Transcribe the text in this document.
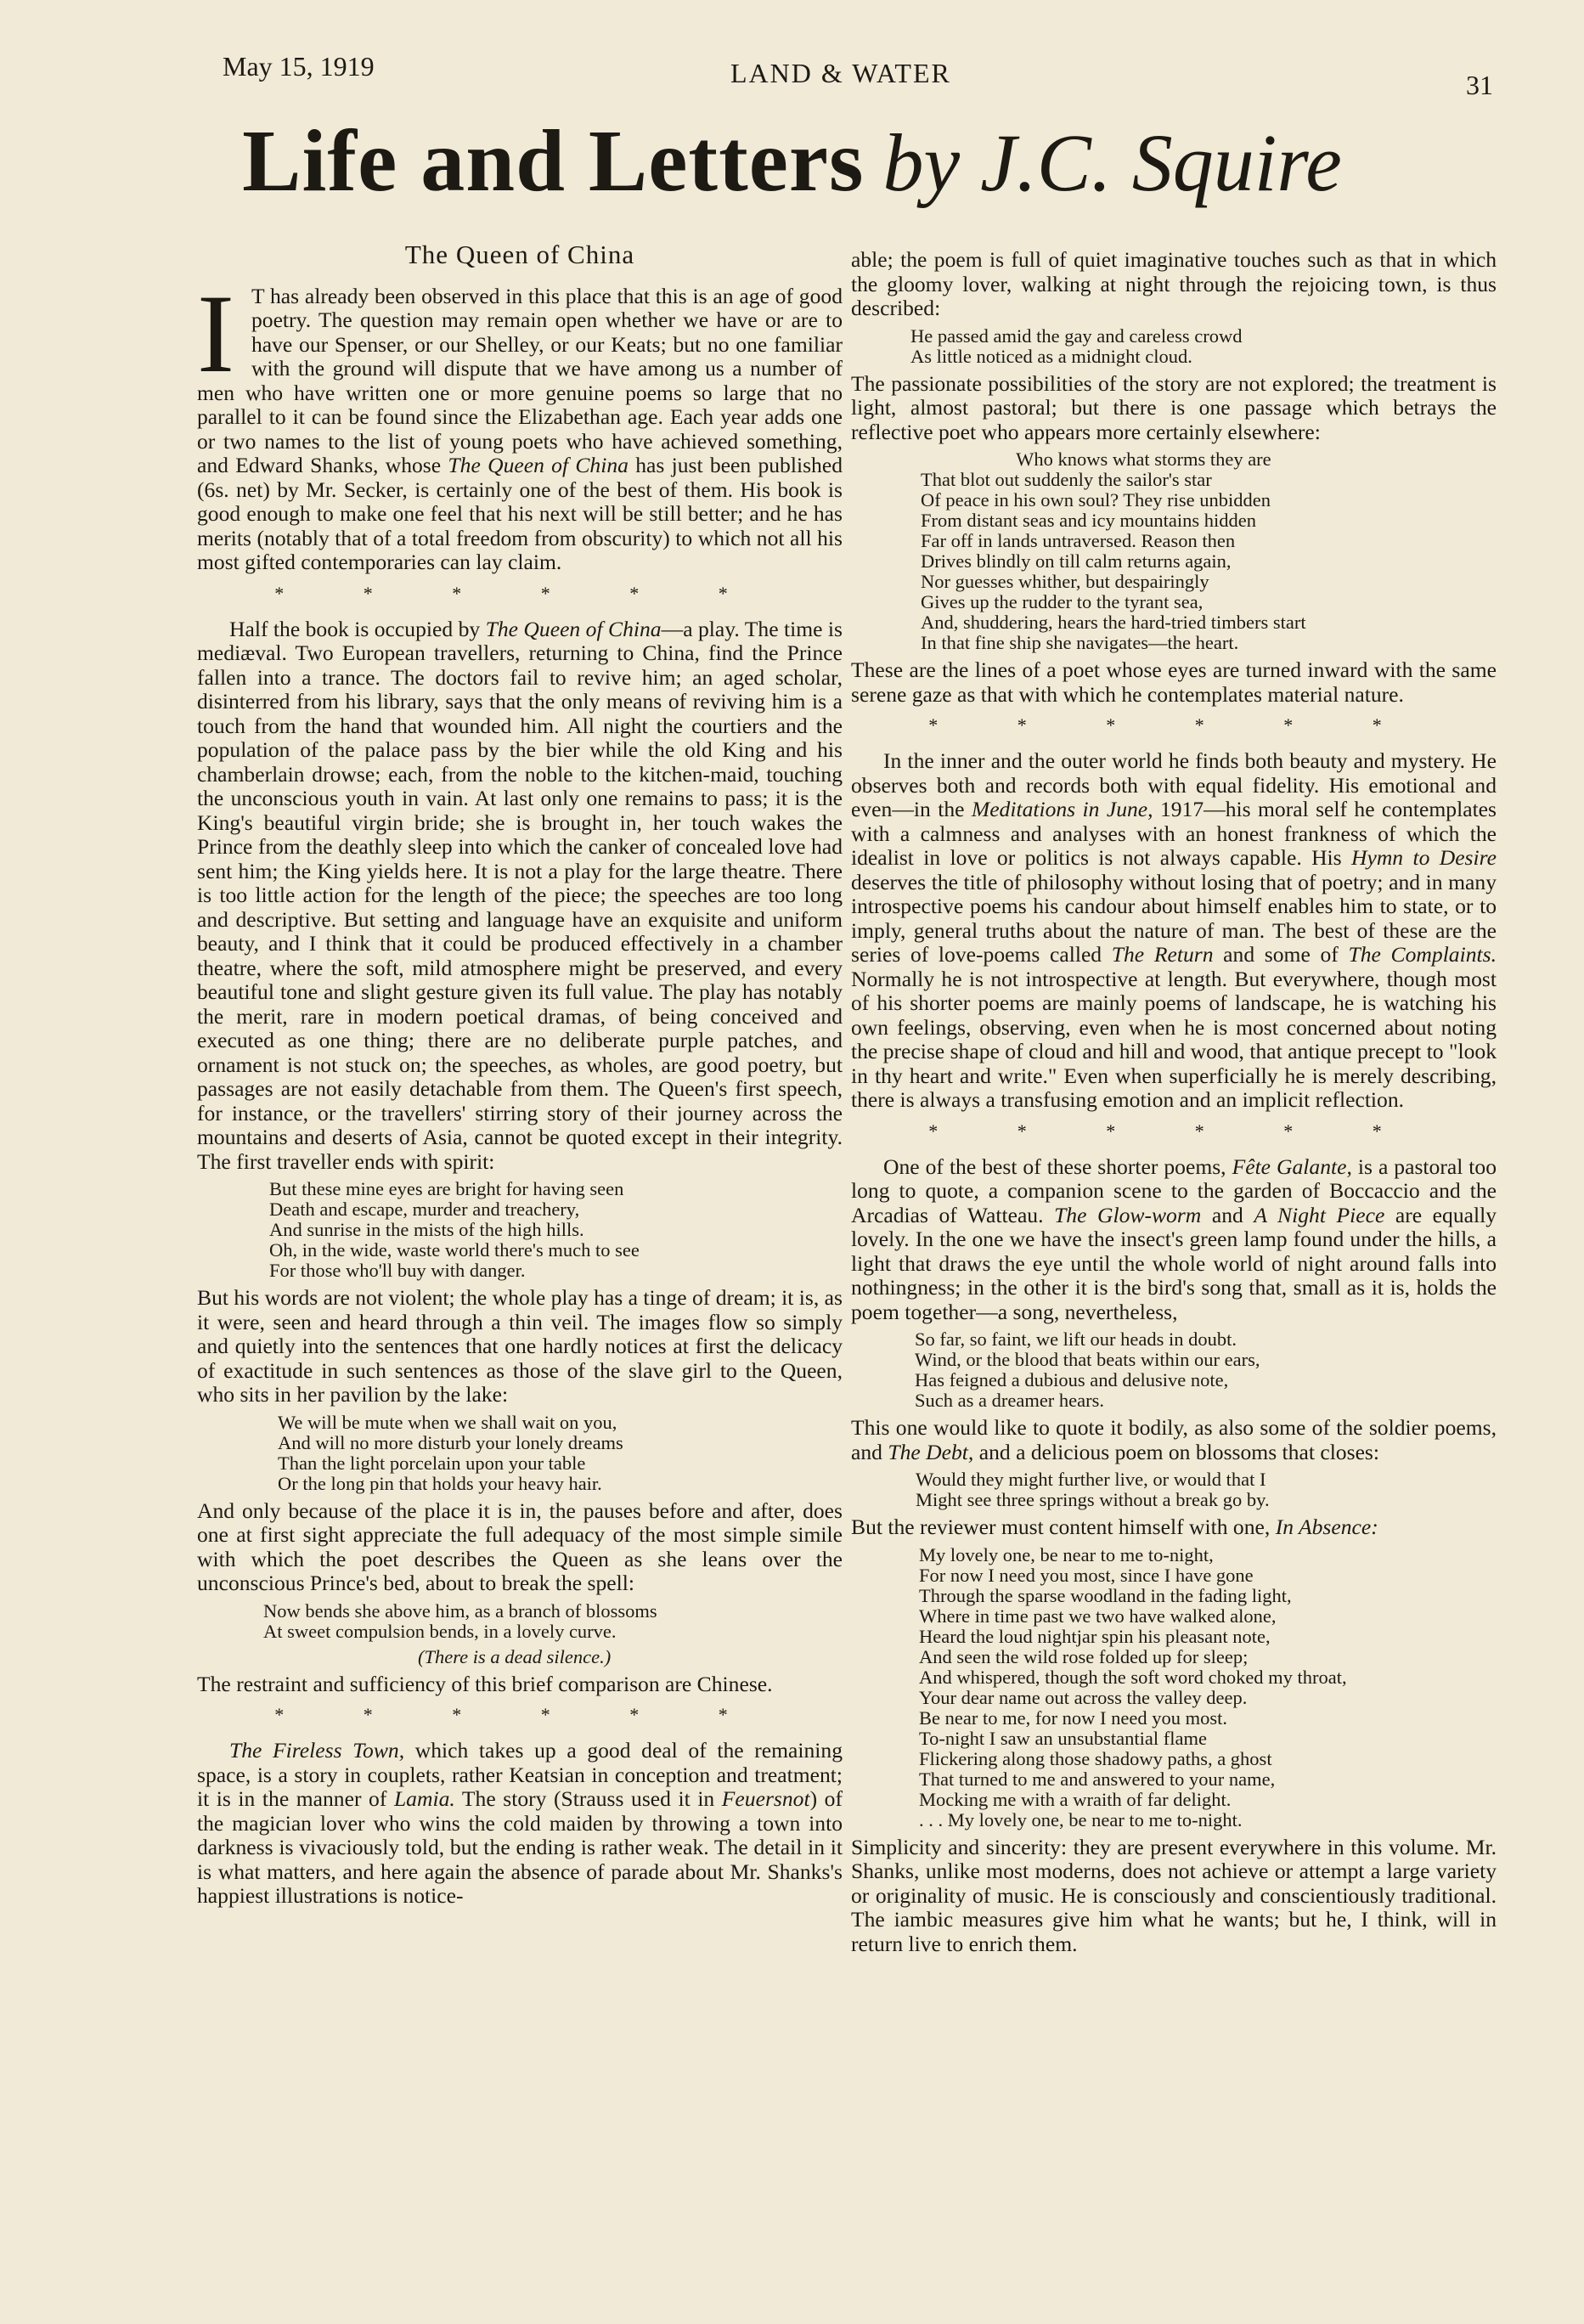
May 15, 1919	LAND & WATER	31
Life and Letters by J.C. Squire
The Queen of China

I T has already been observed in this place that this is an age of good poetry. The question may remain open whether we have or are to have our Spenser, or our Shelley, or our Keats; but no one familiar with the ground will dispute that we have among us a number of men who have written one or more genuine poems so large that no parallel to it can be found since the Elizabethan age. Each year adds one or two names to the list of young poets who have achieved something, and Edward Shanks, whose The Queen of China has just been published (6s. net) by Mr. Secker, is certainly one of the best of them. His book is good enough to make one feel that his next will be still better; and he has merits (notably that of a total freedom from obscurity) to which not all his most gifted contemporaries can lay claim.

* * * * * *

Half the book is occupied by The Queen of China—a play. The time is mediæval. Two European travellers, returning to China, find the Prince fallen into a trance. The doctors fail to revive him; an aged scholar, disinterred from his library, says that the only means of reviving him is a touch from the hand that wounded him. All night the courtiers and the population of the palace pass by the bier while the old King and his chamberlain drowse; each, from the noble to the kitchen-maid, touching the unconscious youth in vain. At last only one remains to pass; it is the King's beautiful virgin bride; she is brought in, her touch wakes the Prince from the deathly sleep into which the canker of concealed love had sent him; the King yields here. It is not a play for the large theatre. There is too little action for the length of the piece; the speeches are too long and descriptive. But setting and language have an exquisite and uniform beauty, and I think that it could be produced effectively in a chamber theatre, where the soft, mild atmosphere might be preserved, and every beautiful tone and slight gesture given its full value. The play has notably the merit, rare in modern poetical dramas, of being conceived and executed as one thing; there are no deliberate purple patches, and ornament is not stuck on; the speeches, as wholes, are good poetry, but passages are not easily detachable from them. The Queen's first speech, for instance, or the travellers' stirring story of their journey across the mountains and deserts of Asia, cannot be quoted except in their integrity. The first traveller ends with spirit:

But these mine eyes are bright for having seen
Death and escape, murder and treachery,
And sunrise in the mists of the high hills.
Oh, in the wide, waste world there's much to see
For those who'll buy with danger.

But his words are not violent; the whole play has a tinge of dream; it is, as it were, seen and heard through a thin veil. The images flow so simply and quietly into the sentences that one hardly notices at first the delicacy of exactitude in such sentences as those of the slave girl to the Queen, who sits in her pavilion by the lake:

We will be mute when we shall wait on you,
And will no more disturb your lonely dreams
Than the light porcelain upon your table
Or the long pin that holds your heavy hair.

And only because of the place it is in, the pauses before and after, does one at first sight appreciate the full adequacy of the most simple simile with which the poet describes the Queen as she leans over the unconscious Prince's bed, about to break the spell:

Now bends she above him, as a branch of blossoms
At sweet compulsion bends, in a lovely curve.
(There is a dead silence.)

The restraint and sufficiency of this brief comparison are Chinese.

* * * * * *

The Fireless Town, which takes up a good deal of the remaining space, is a story in couplets, rather Keatsian in conception and treatment; it is in the manner of Lamia. The story (Strauss used it in Feuersnot) of the magician lover who wins the cold maiden by throwing a town into darkness is vivaciously told, but the ending is rather weak. The detail in it is what matters, and here again the absence of parade about Mr. Shanks's happiest illustrations is notice-

able; the poem is full of quiet imaginative touches such as that in which the gloomy lover, walking at night through the rejoicing town, is thus described:

He passed amid the gay and careless crowd
As little noticed as a midnight cloud.

The passionate possibilities of the story are not explored; the treatment is light, almost pastoral; but there is one passage which betrays the reflective poet who appears more certainly elsewhere:

Who knows what storms they are
That blot out suddenly the sailor's star
Of peace in his own soul? They rise unbidden
From distant seas and icy mountains hidden
Far off in lands untraversed. Reason then
Drives blindly on till calm returns again,
Nor guesses whither, but despairingly
Gives up the rudder to the tyrant sea,
And, shuddering, hears the hard-tried timbers start
In that fine ship she navigates—the heart.

These are the lines of a poet whose eyes are turned inward with the same serene gaze as that with which he contemplates material nature.

* * * * * *

In the inner and the outer world he finds both beauty and mystery. He observes both and records both with equal fidelity. His emotional and even—in the Meditations in June, 1917—his moral self he contemplates with a calmness and analyses with an honest frankness of which the idealist in love or politics is not always capable. His Hymn to Desire deserves the title of philosophy without losing that of poetry; and in many introspective poems his candour about himself enables him to state, or to imply, general truths about the nature of man. The best of these are the series of love-poems called The Return and some of The Complaints. Normally he is not introspective at length. But everywhere, though most of his shorter poems are mainly poems of landscape, he is watching his own feelings, observing, even when he is most concerned about noting the precise shape of cloud and hill and wood, that antique precept to "look in thy heart and write." Even when superficially he is merely describing, there is always a transfusing emotion and an implicit reflection.

* * * * * *

One of the best of these shorter poems, Fête Galante, is a pastoral too long to quote, a companion scene to the garden of Boccaccio and the Arcadias of Watteau. The Glow-worm and A Night Piece are equally lovely. In the one we have the insect's green lamp found under the hills, a light that draws the eye until the whole world of night around falls into nothingness; in the other it is the bird's song that, small as it is, holds the poem together—a song, nevertheless,

So far, so faint, we lift our heads in doubt.
Wind, or the blood that beats within our ears,
Has feigned a dubious and delusive note,
Such as a dreamer hears.

This one would like to quote it bodily, as also some of the soldier poems, and The Debt, and a delicious poem on blossoms that closes:

Would they might further live, or would that I
Might see three springs without a break go by.

But the reviewer must content himself with one, In Absence:

My lovely one, be near to me to-night,
For now I need you most, since I have gone
Through the sparse woodland in the fading light,
Where in time past we two have walked alone,
Heard the loud nightjar spin his pleasant note,
And seen the wild rose folded up for sleep;
And whispered, though the soft word choked my throat,
Your dear name out across the valley deep.
Be near to me, for now I need you most.
To-night I saw an unsubstantial flame
Flickering along those shadowy paths, a ghost
That turned to me and answered to your name,
Mocking me with a wraith of far delight.
. . . My lovely one, be near to me to-night.

Simplicity and sincerity: they are present everywhere in this volume. Mr. Shanks, unlike most moderns, does not achieve or attempt a large variety or originality of music. He is consciously and conscientiously traditional. The iambic measures give him what he wants; but he, I think, will in return live to enrich them.
